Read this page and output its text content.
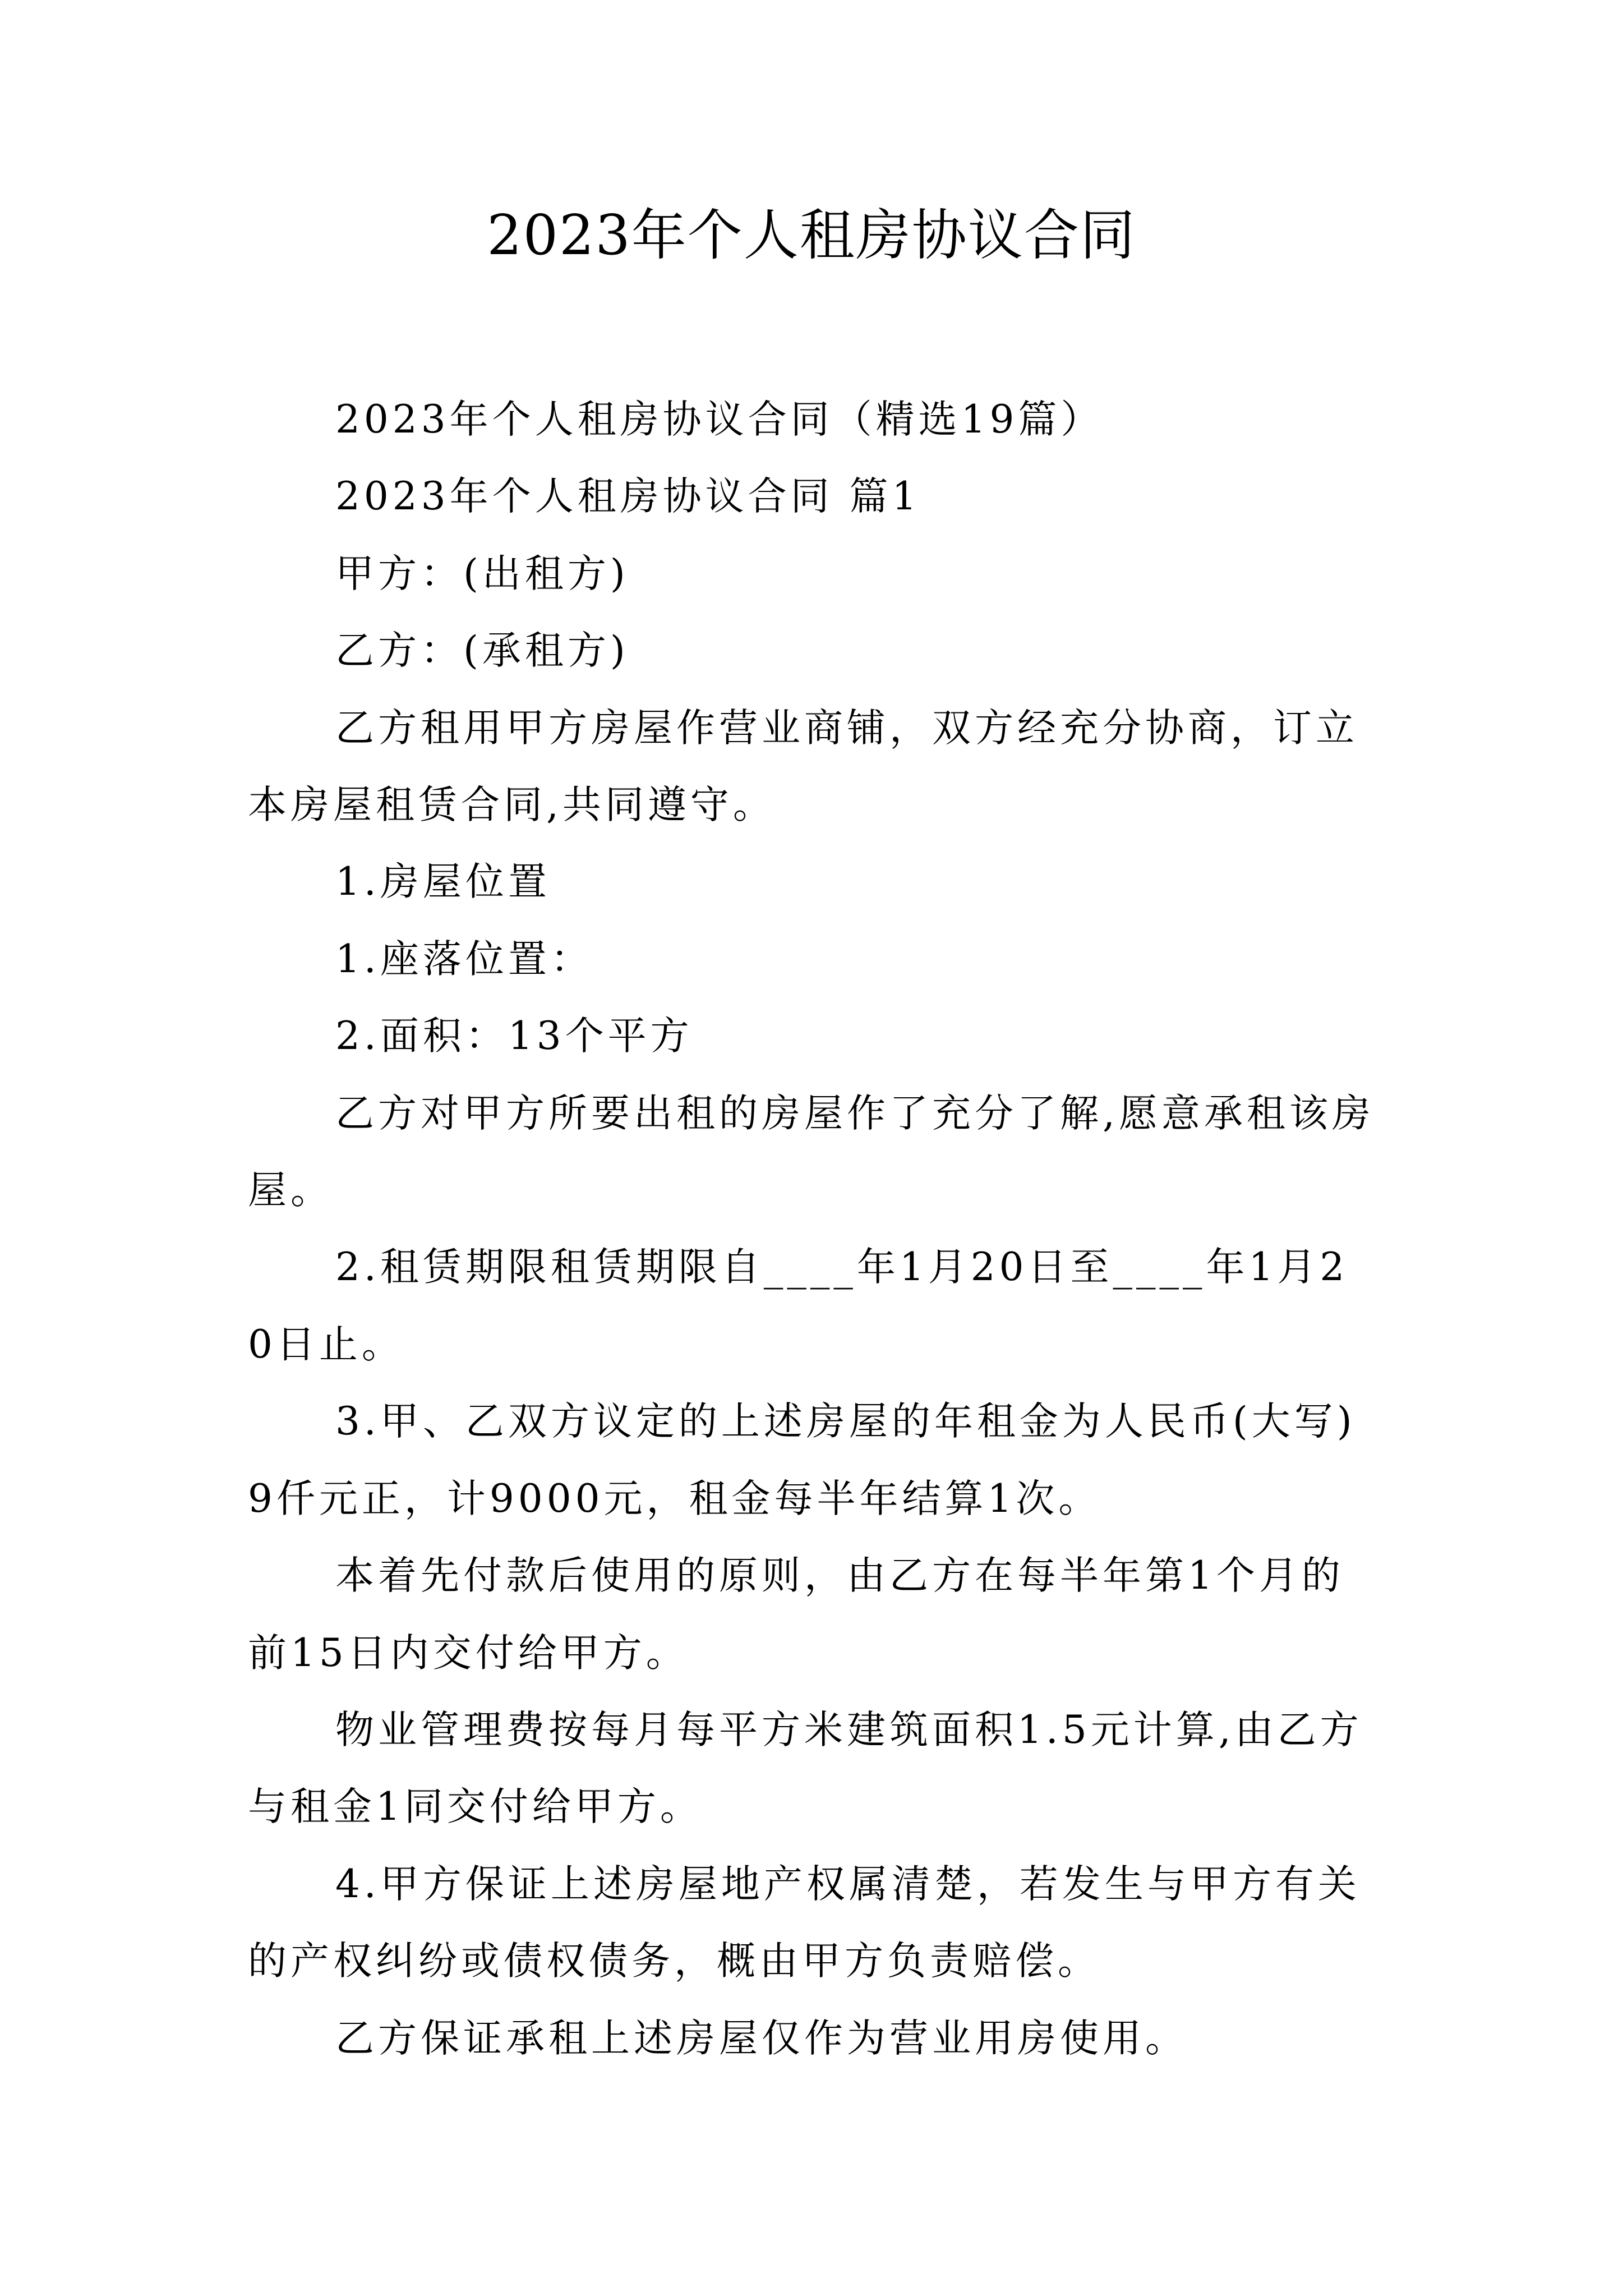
2023年个人租房协议合同

2023年个人租房协议合同（精选19篇）

2023年个人租房协议合同 篇1

甲方：(出租方)

乙方：(承租方)

乙方租用甲方房屋作营业商铺，双方经充分协商，订立本房屋租赁合同,共同遵守。

1.房屋位置

1.座落位置：

2.面积：13个平方

乙方对甲方所要出租的房屋作了充分了解,愿意承租该房屋。

2.租赁期限租赁期限自____年1月20日至____年1月20日止。

3.甲、乙双方议定的上述房屋的年租金为人民币(大写)9仟元正，计9000元，租金每半年结算1次。

本着先付款后使用的原则，由乙方在每半年第1个月的前15日内交付给甲方。

物业管理费按每月每平方米建筑面积1.5元计算,由乙方与租金1同交付给甲方。

4.甲方保证上述房屋地产权属清楚，若发生与甲方有关的产权纠纷或债权债务，概由甲方负责赔偿。

乙方保证承租上述房屋仅作为营业用房使用。
